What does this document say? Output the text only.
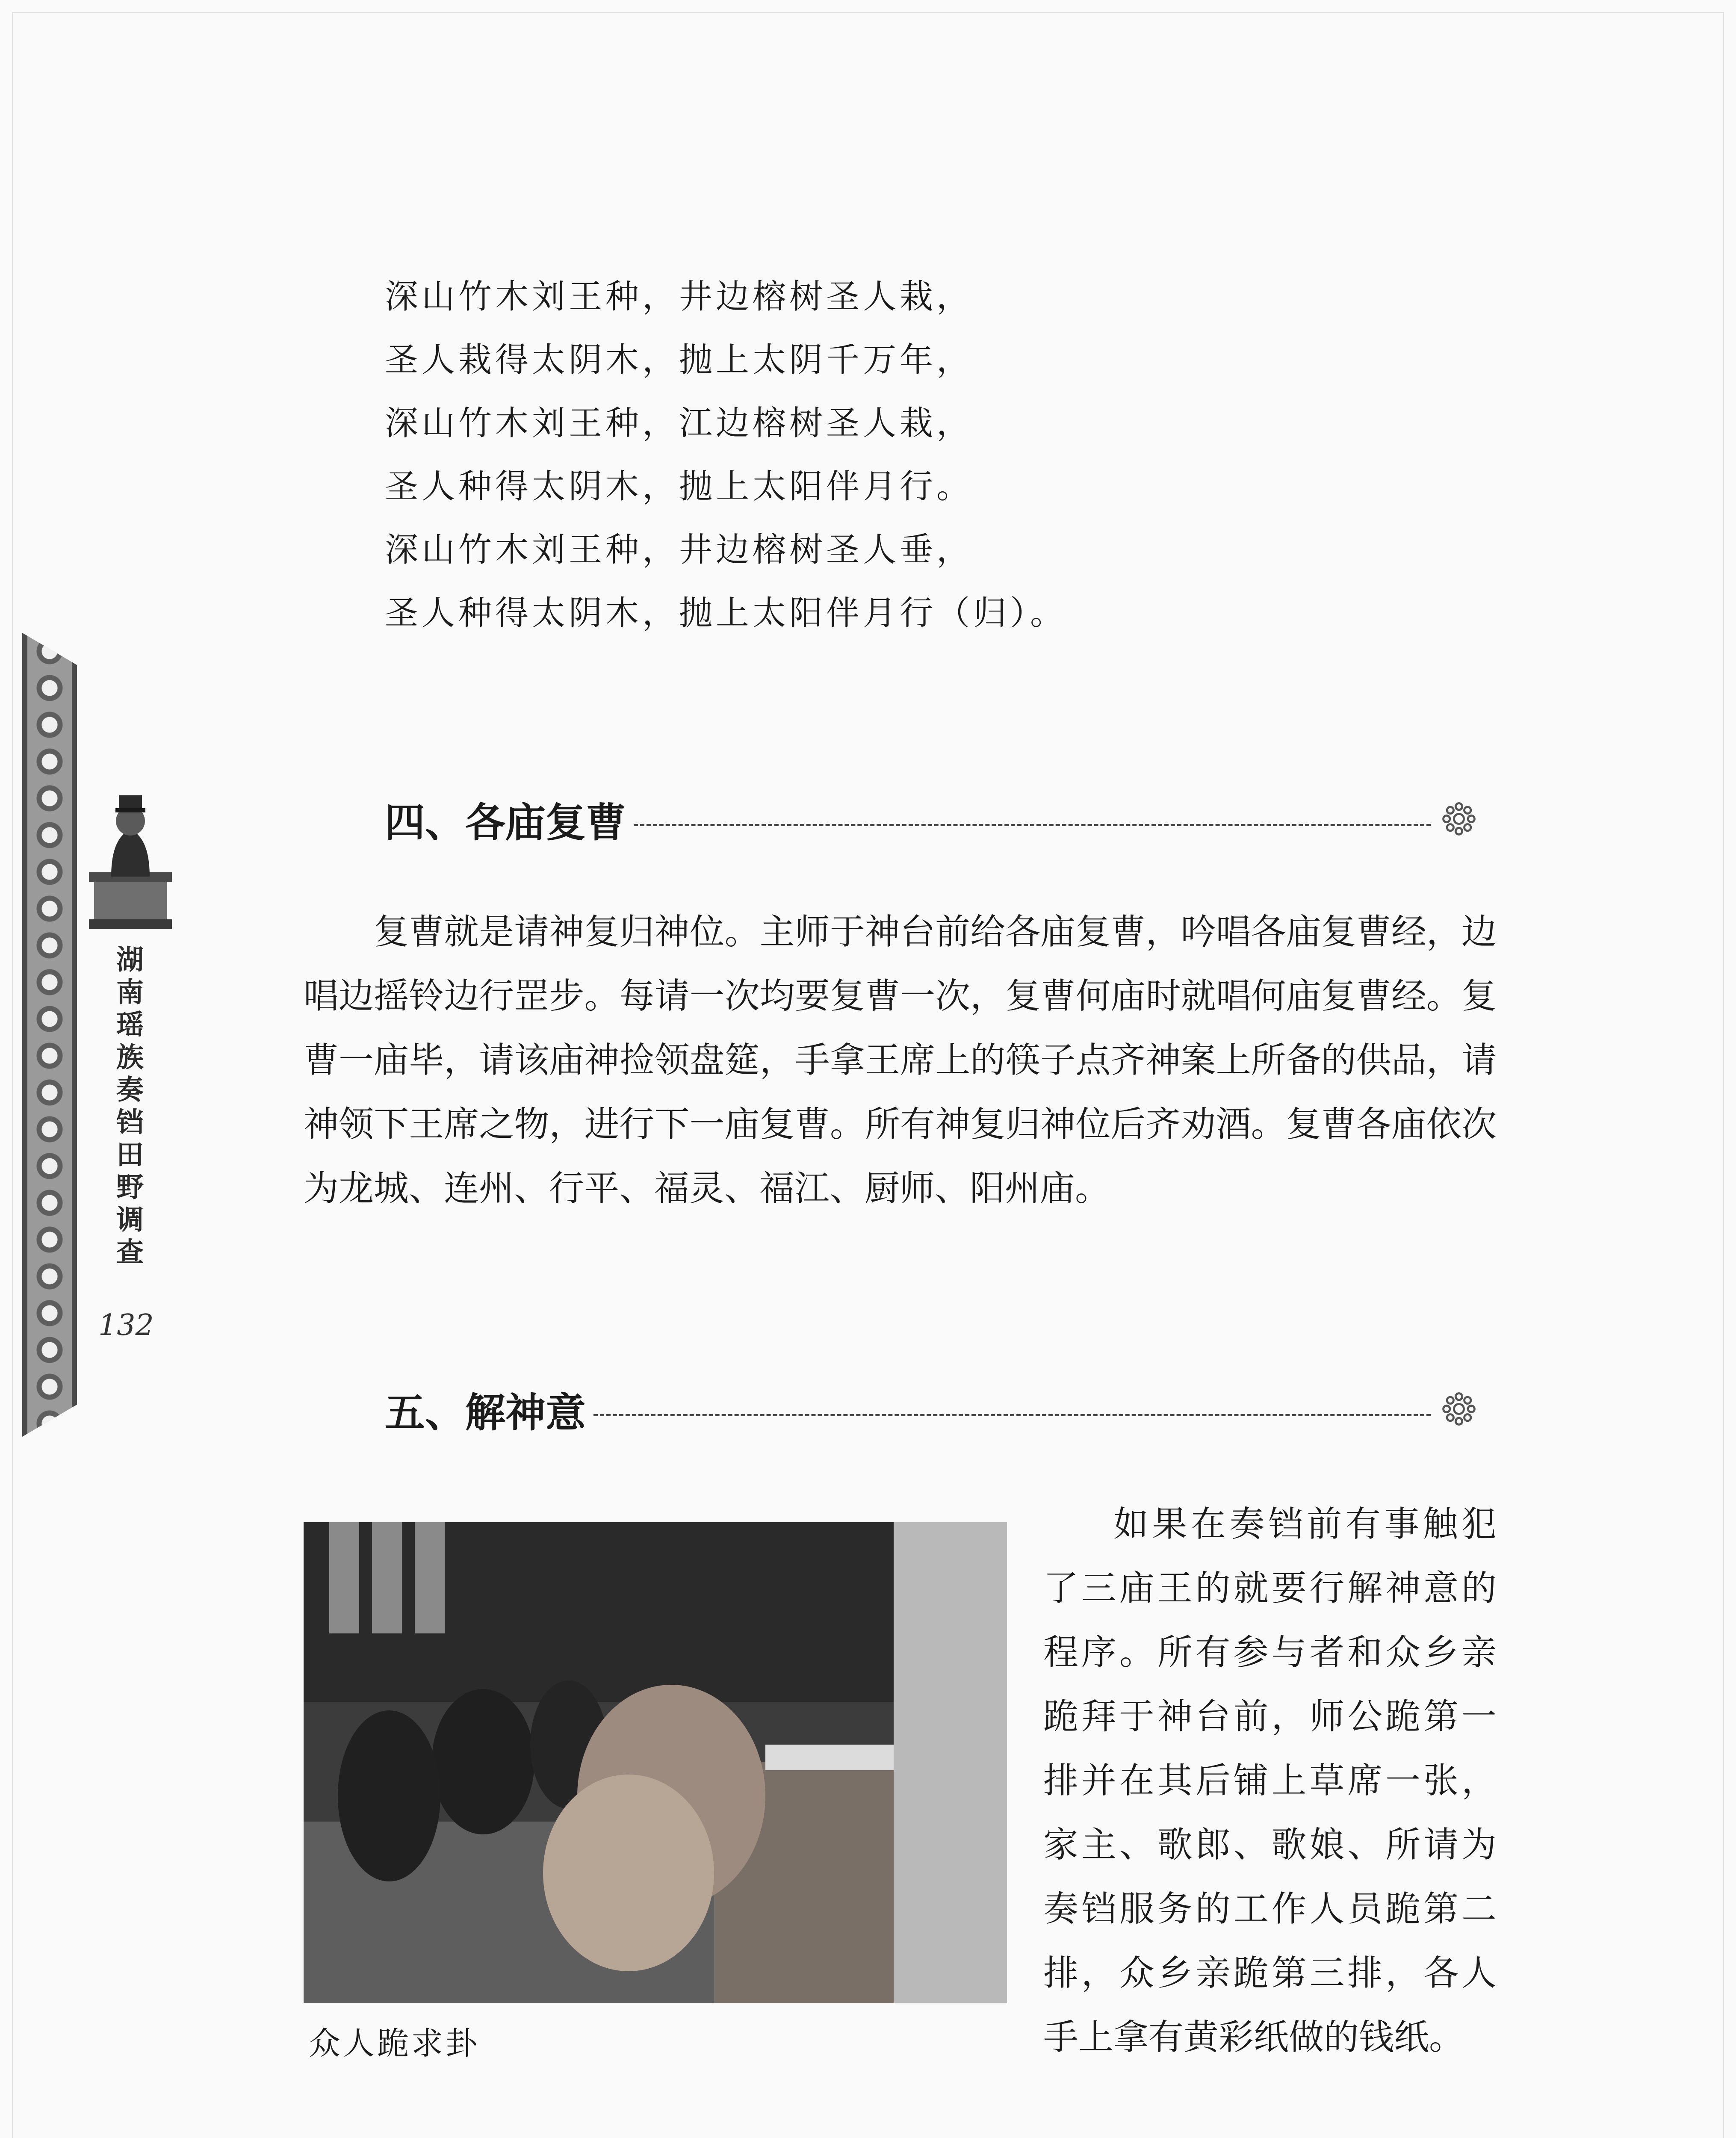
湖南瑶族奏铛田野调查
132
深山竹木刘王种，井边榕树圣人栽，
圣人栽得太阴木，抛上太阴千万年，
深山竹木刘王种，江边榕树圣人栽，
圣人种得太阴木，抛上太阳伴月行。
深山竹木刘王种，井边榕树圣人垂，
圣人种得太阴木，抛上太阳伴月行（归）。
四、各庙复曹

复曹就是请神复归神位。主师于神台前给各庙复曹，吟唱各庙复曹经，边唱边摇铃边行罡步。每请一次均要复曹一次，复曹何庙时就唱何庙复曹经。复曹一庙毕，请该庙神捡领盘筵，手拿王席上的筷子点齐神案上所备的供品，请神领下王席之物，进行下一庙复曹。所有神复归神位后齐劝酒。复曹各庙依次为龙城、连州、行平、福灵、福江、厨师、阳州庙。

五、解神意
众人跪求卦

如果在奏铛前有事触犯了三庙王的就要行解神意的程序。所有参与者和众乡亲跪拜于神台前，师公跪第一排并在其后铺上草席一张，家主、歌郎、歌娘、所请为奏铛服务的工作人员跪第二排，众乡亲跪第三排，各人手上拿有黄彩纸做的钱纸。
